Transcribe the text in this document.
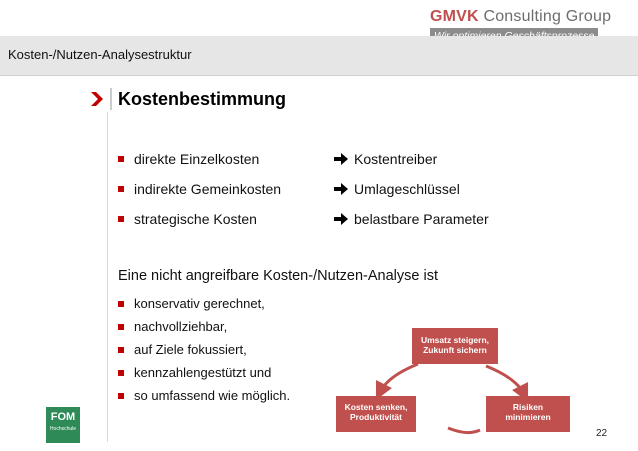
GMVK Consulting Group
Kosten-/Nutzen-Analysestruktur
Kostenbestimmung
direkte Einzelkosten	Kostentreiber
indirekte Gemeinkosten	Umlageschlüssel
strategische Kosten	belastbare Parameter
Eine nicht angreifbare Kosten-/Nutzen-Analyse ist
konservativ gerechnet,
nachvollziehbar,
auf Ziele fokussiert,
kennzahlengestützt und
so umfassend wie möglich.
Umsatz steigern,
Zukunft sichern
Kosten senken,
Produktivität
Risiken
minimieren
FOM
Hochschule	22
